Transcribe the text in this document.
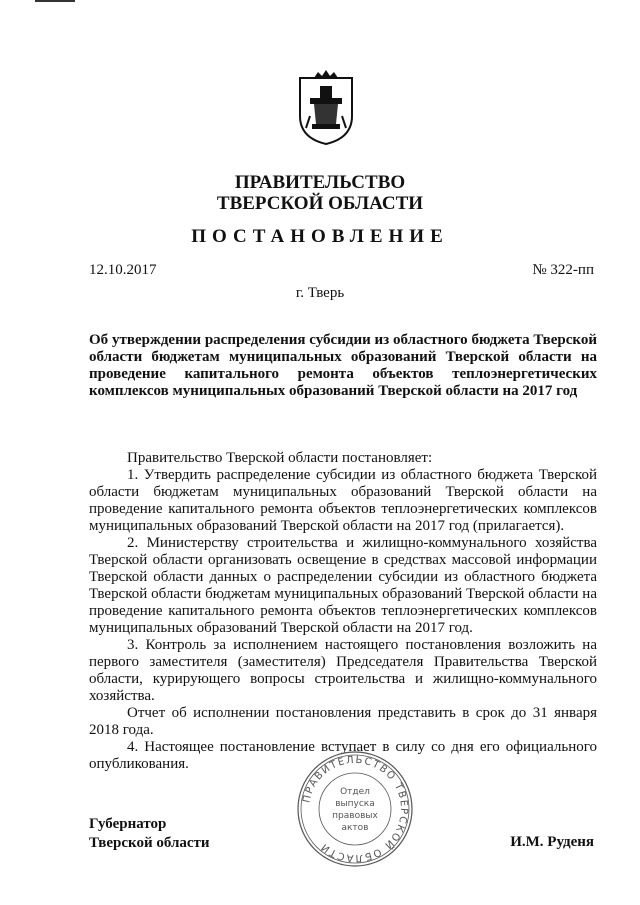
ПРАВИТЕЛЬСТВО
ТВЕРСКОЙ ОБЛАСТИ
ПОСТАНОВЛЕНИЕ
12.10.2017	№ 322-пп
г. Тверь
Об утверждении распределения субсидии из областного бюджета Тверской области бюджетам муниципальных образований Тверской области на проведение капитального ремонта объектов теплоэнергетических комплексов муниципальных образований Тверской области на 2017 год

Правительство Тверской области постановляет:

1. Утвердить распределение субсидии из областного бюджета Тверской области бюджетам муниципальных образований Тверской области на проведение капитального ремонта объектов теплоэнергетических комплексов муниципальных образований Тверской области на 2017 год (прилагается).

2. Министерству строительства и жилищно-коммунального хозяйства Тверской области организовать освещение в средствах массовой информации Тверской области данных о распределении субсидии из областного бюджета Тверской области бюджетам муниципальных образований Тверской области на проведение капитального ремонта объектов теплоэнергетических комплексов муниципальных образований Тверской области на 2017 год.

3. Контроль за исполнением настоящего постановления возложить на первого заместителя (заместителя) Председателя Правительства Тверской области, курирующего вопросы строительства и жилищно-коммунального хозяйства.

Отчет об исполнении постановления представить в срок до 31 января 2018 года.

4. Настоящее постановление вступает в силу со дня его официального опубликования.

ПРАВИТЕЛЬСТВО ТВЕРСКОЙ ОБЛАСТИ
Отдел
выпуска
правовых
актов
Губернатор
Тверской области	И.М. Руденя
